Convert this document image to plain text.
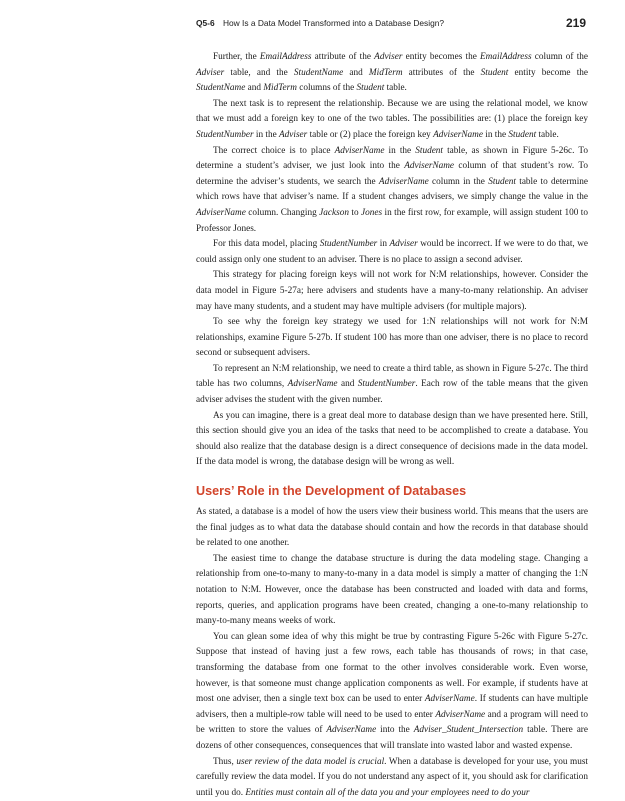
Q5-6 How Is a Data Model Transformed into a Database Design?	219

Further, the EmailAddress attribute of the Adviser entity becomes the EmailAddress column of the Adviser table, and the StudentName and MidTerm attributes of the Student entity become the StudentName and MidTerm columns of the Student table.

The next task is to represent the relationship. Because we are using the relational model, we know that we must add a foreign key to one of the two tables. The possibilities are: (1) place the foreign key StudentNumber in the Adviser table or (2) place the foreign key AdviserName in the Student table.

The correct choice is to place AdviserName in the Student table, as shown in Figure 5-26c. To determine a student’s adviser, we just look into the AdviserName column of that student’s row. To determine the adviser’s students, we search the AdviserName column in the Student table to determine which rows have that adviser’s name. If a student changes advisers, we simply change the value in the AdviserName column. Changing Jackson to Jones in the first row, for example, will assign student 100 to Professor Jones.

For this data model, placing StudentNumber in Adviser would be incorrect. If we were to do that, we could assign only one student to an adviser. There is no place to assign a second adviser.

This strategy for placing foreign keys will not work for N:M relationships, however. Consider the data model in Figure 5-27a; here advisers and students have a many-to-many relationship. An adviser may have many students, and a student may have multiple advisers (for multiple majors).

To see why the foreign key strategy we used for 1:N relationships will not work for N:M relationships, examine Figure 5-27b. If student 100 has more than one adviser, there is no place to record second or subsequent advisers.

To represent an N:M relationship, we need to create a third table, as shown in Figure 5-27c. The third table has two columns, AdviserName and StudentNumber. Each row of the table means that the given adviser advises the student with the given number.

As you can imagine, there is a great deal more to database design than we have presented here. Still, this section should give you an idea of the tasks that need to be accomplished to create a database. You should also realize that the database design is a direct consequence of decisions made in the data model. If the data model is wrong, the database design will be wrong as well.

Users’ Role in the Development of Databases

As stated, a database is a model of how the users view their business world. This means that the users are the final judges as to what data the database should contain and how the records in that database should be related to one another.

The easiest time to change the database structure is during the data modeling stage. Changing a relationship from one-to-many to many-to-many in a data model is simply a matter of changing the 1:N notation to N:M. However, once the database has been constructed and loaded with data and forms, reports, queries, and application programs have been created, changing a one-to-many relationship to many-to-many means weeks of work.

You can glean some idea of why this might be true by contrasting Figure 5-26c with Figure 5-27c. Suppose that instead of having just a few rows, each table has thousands of rows; in that case, transforming the database from one format to the other involves considerable work. Even worse, however, is that someone must change application components as well. For example, if students have at most one adviser, then a single text box can be used to enter AdviserName. If students can have multiple advisers, then a multiple-row table will need to be used to enter AdviserName and a program will need to be written to store the values of AdviserName into the Adviser_Student_Intersection table. There are dozens of other consequences, consequences that will translate into wasted labor and wasted expense.

Thus, user review of the data model is crucial. When a database is developed for your use, you must carefully review the data model. If you do not understand any aspect of it, you should ask for clarification until you do. Entities must contain all of the data you and your employees need to do your
